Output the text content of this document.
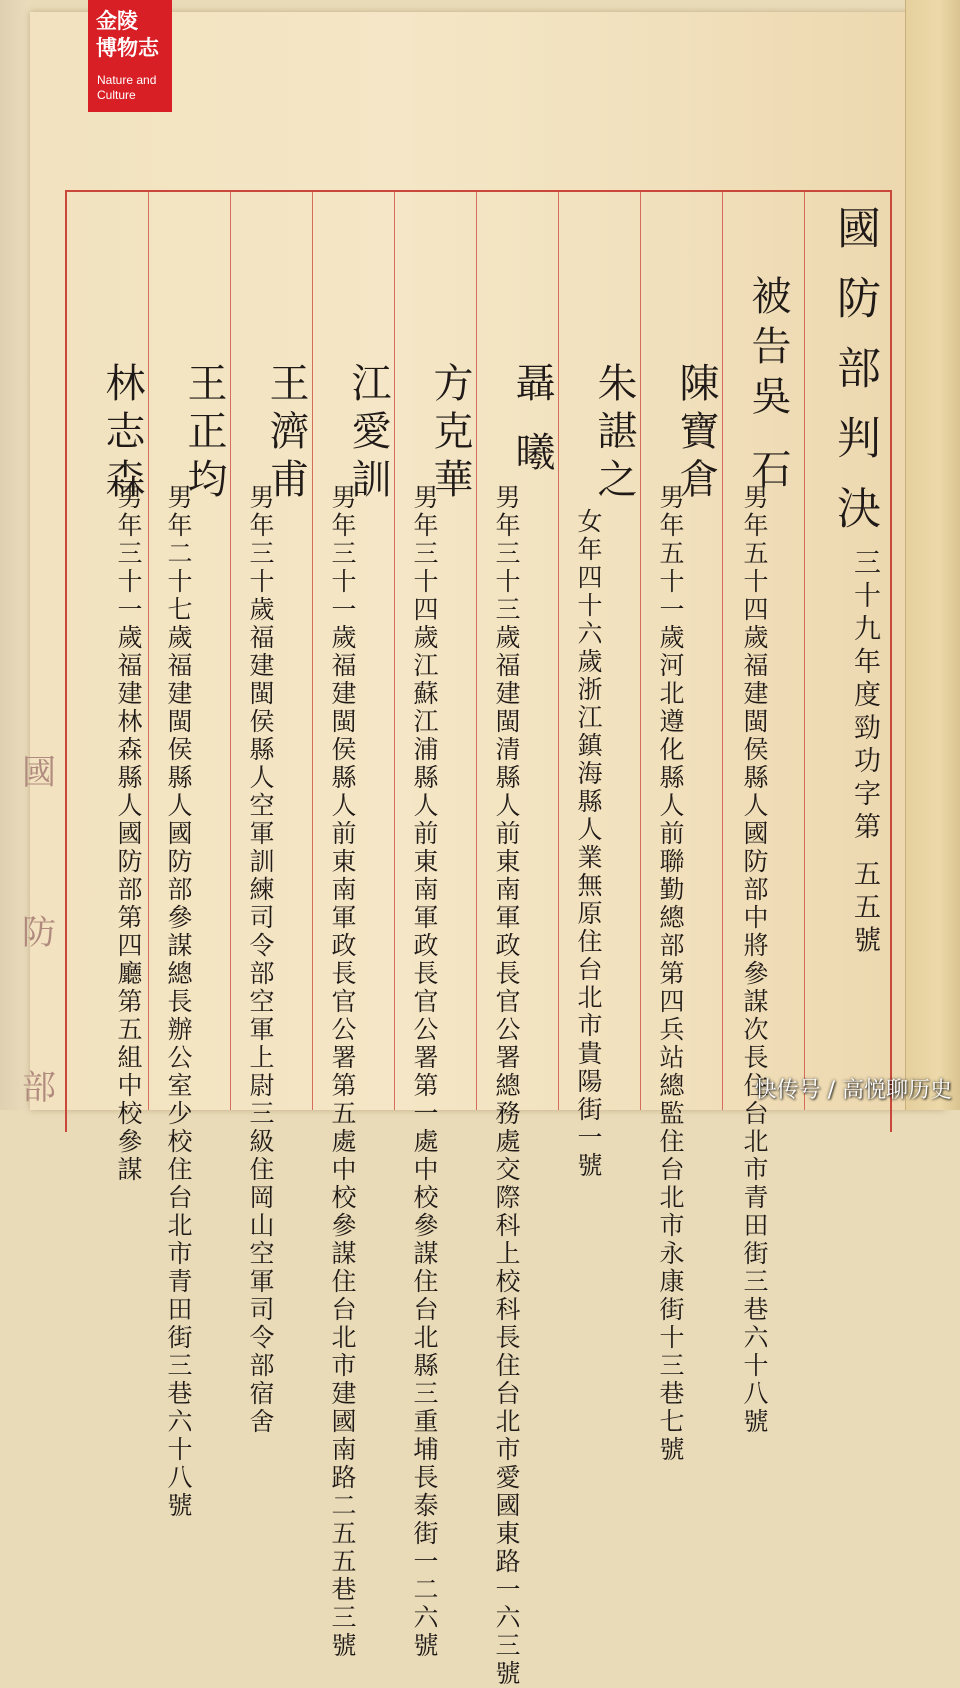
國防部判決
三十九年度勁功字第 五五號
被告吳 石
男年五十四歲福建閩侯縣人國防部中將參謀次長住台北市青田街三巷六十八號
陳寶倉
男年五十一歲河北遵化縣人前聯勤總部第四兵站總監住台北市永康街十三巷七號
朱諶之
女年四十六歲浙江鎮海縣人業無原住台北市貴陽街一號
聶 曦
男年三十三歲福建閩清縣人前東南軍政長官公署總務處交際科上校科長住台北市愛國東路一六三號
方克華
男年三十四歲江蘇江浦縣人前東南軍政長官公署第一處中校參謀住台北縣三重埔長泰街一二六號
江愛訓
男年三十一歲福建閩侯縣人前東南軍政長官公署第五處中校參謀住台北市建國南路二五五巷三號
王濟甫
男年三十歲福建閩侯縣人空軍訓練司令部空軍上尉三級住岡山空軍司令部宿舍
王正均
男年二十七歲福建閩侯縣人國防部參謀總長辦公室少校住台北市青田街三巷六十八號
林志森
男年三十一歲福建林森縣人國防部第四廳第五組中校參謀
國
防
部
金陵
博物志
Nature and
Culture
快传号 / 高悦聊历史
